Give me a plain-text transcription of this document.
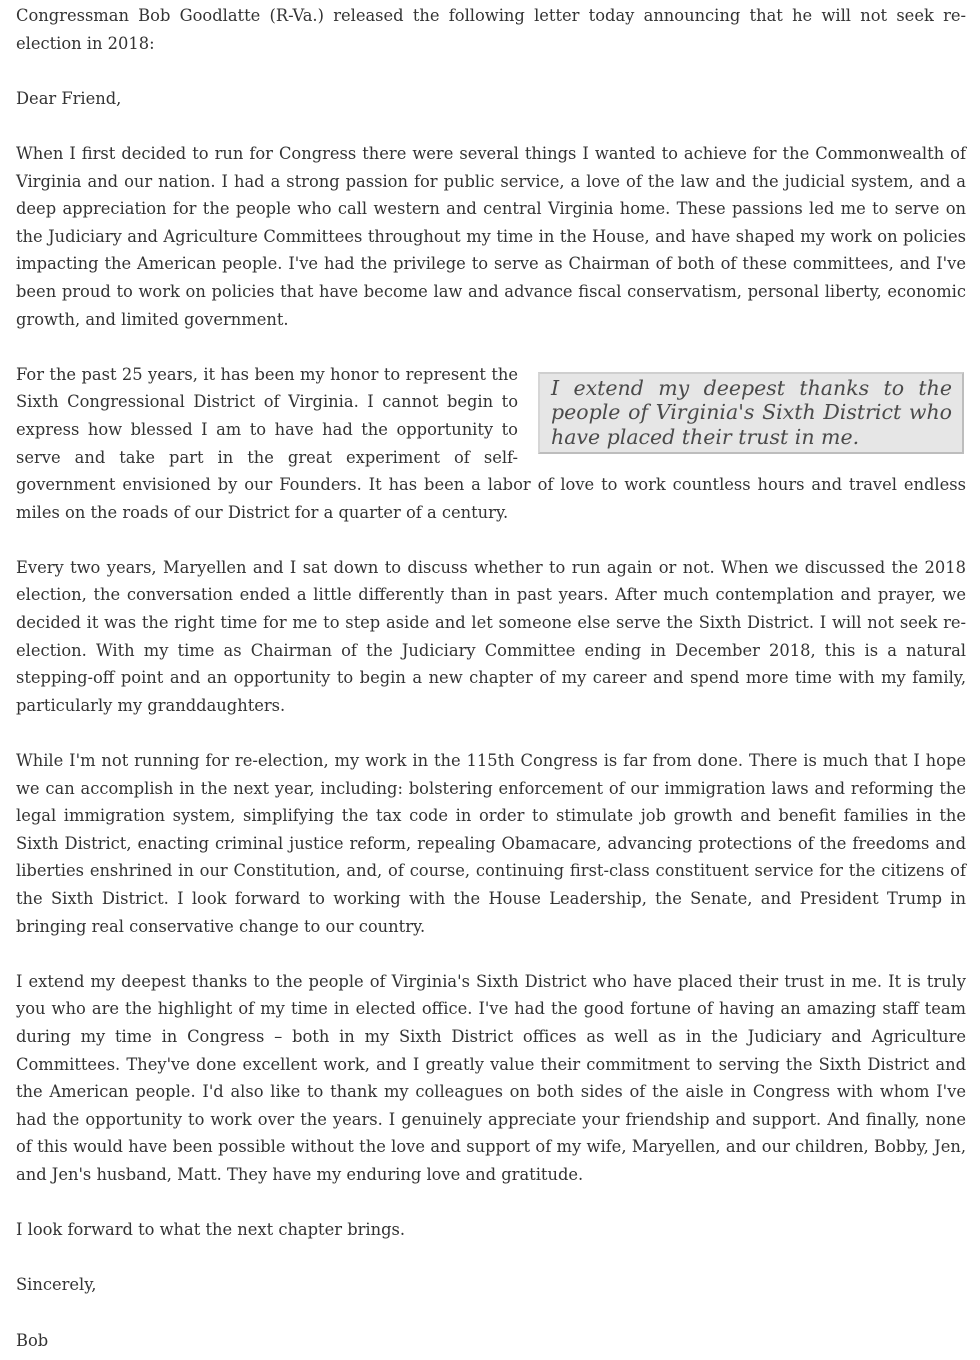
Congressman Bob Goodlatte (R-Va.) released the following letter today announcing that he will not seek re-election in 2018:

Dear Friend,

When I first decided to run for Congress there were several things I wanted to achieve for the Commonwealth of Virginia and our nation. I had a strong passion for public service, a love of the law and the judicial system, and a deep appreciation for the people who call western and central Virginia home. These passions led me to serve on the Judiciary and Agriculture Committees throughout my time in the House, and have shaped my work on policies impacting the American people. I've had the privilege to serve as Chairman of both of these committees, and I've been proud to work on policies that have become law and advance fiscal conservatism, personal liberty, economic growth, and limited government.

I extend my deepest thanks to the people of Virginia's Sixth District who have placed their trust in me.
For the past 25 years, it has been my honor to represent the Sixth Congressional District of Virginia. I cannot begin to express how blessed I am to have had the opportunity to serve and take part in the great experiment of self-government envisioned by our Founders. It has been a labor of love to work countless hours and travel endless miles on the roads of our District for a quarter of a century.

Every two years, Maryellen and I sat down to discuss whether to run again or not. When we discussed the 2018 election, the conversation ended a little differently than in past years. After much contemplation and prayer, we decided it was the right time for me to step aside and let someone else serve the Sixth District. I will not seek re-election. With my time as Chairman of the Judiciary Committee ending in December 2018, this is a natural stepping-off point and an opportunity to begin a new chapter of my career and spend more time with my family, particularly my granddaughters.

While I'm not running for re-election, my work in the 115th Congress is far from done. There is much that I hope we can accomplish in the next year, including: bolstering enforcement of our immigration laws and reforming the legal immigration system, simplifying the tax code in order to stimulate job growth and benefit families in the Sixth District, enacting criminal justice reform, repealing Obamacare, advancing protections of the freedoms and liberties enshrined in our Constitution, and, of course, continuing first-class constituent service for the citizens of the Sixth District. I look forward to working with the House Leadership, the Senate, and President Trump in bringing real conservative change to our country.

I extend my deepest thanks to the people of Virginia's Sixth District who have placed their trust in me. It is truly you who are the highlight of my time in elected office. I've had the good fortune of having an amazing staff team during my time in Congress – both in my Sixth District offices as well as in the Judiciary and Agriculture Committees. They've done excellent work, and I greatly value their commitment to serving the Sixth District and the American people. I'd also like to thank my colleagues on both sides of the aisle in Congress with whom I've had the opportunity to work over the years. I genuinely appreciate your friendship and support. And finally, none of this would have been possible without the love and support of my wife, Maryellen, and our children, Bobby, Jen, and Jen's husband, Matt. They have my enduring love and gratitude.

I look forward to what the next chapter brings.

Sincerely,

Bob
